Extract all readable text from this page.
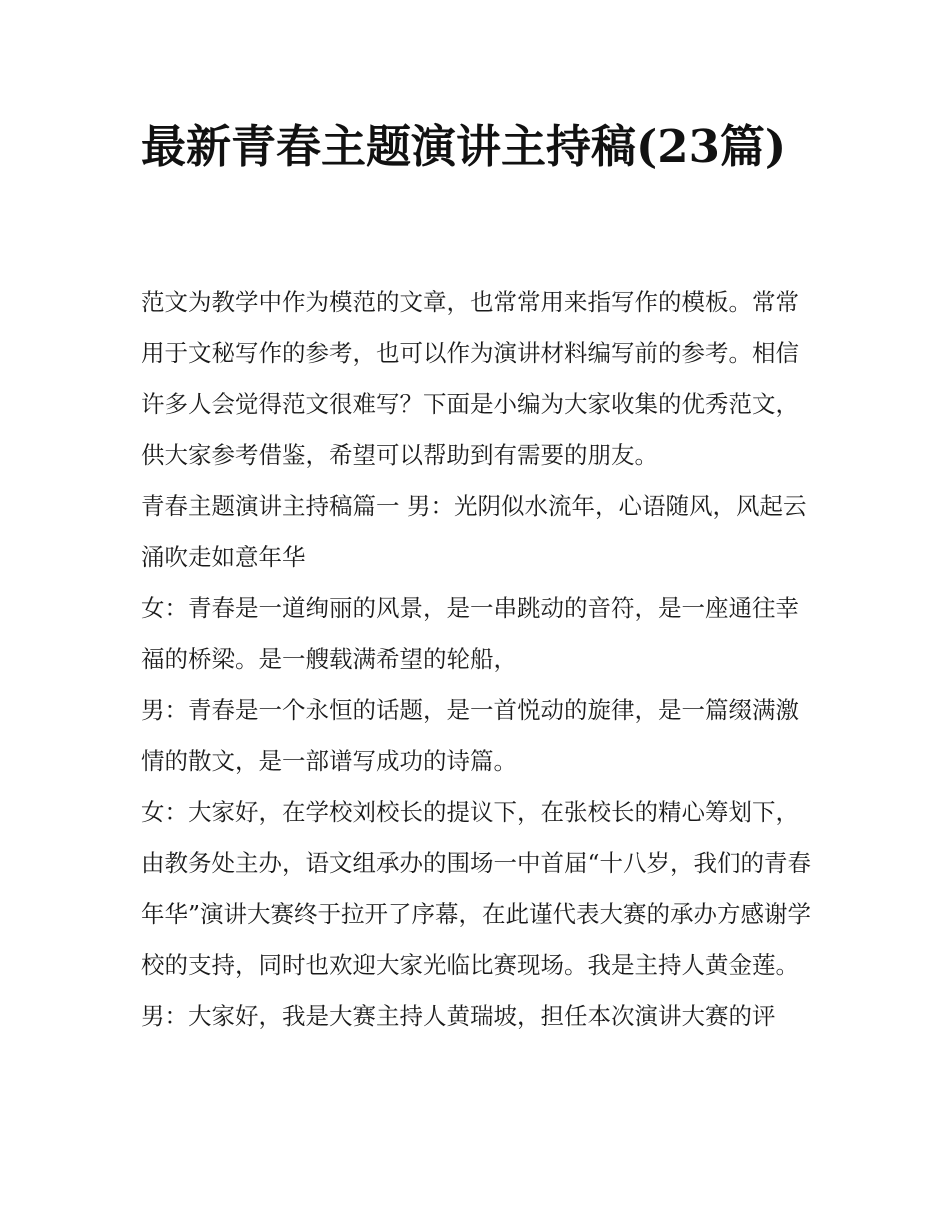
最新青春主题演讲主持稿(23篇)

范文为教学中作为模范的文章，也常常用来指写作的模板。常常用于文秘写作的参考，也可以作为演讲材料编写前的参考。相信许多人会觉得范文很难写？下面是小编为大家收集的优秀范文，供大家参考借鉴，希望可以帮助到有需要的朋友。

青春主题演讲主持稿篇一 男：光阴似水流年，心语随风，风起云涌吹走如意年华

女：青春是一道绚丽的风景，是一串跳动的音符，是一座通往幸福的桥梁。是一艘载满希望的轮船，

男：青春是一个永恒的话题，是一首悦动的旋律，是一篇缀满激情的散文，是一部谱写成功的诗篇。

女：大家好，在学校刘校长的提议下，在张校长的精心筹划下，由教务处主办，语文组承办的围场一中首届“十八岁，我们的青春年华”演讲大赛终于拉开了序幕，在此谨代表大赛的承办方感谢学校的支持，同时也欢迎大家光临比赛现场。我是主持人黄金莲。

男：大家好，我是大赛主持人黄瑞坡，担任本次演讲大赛的评
